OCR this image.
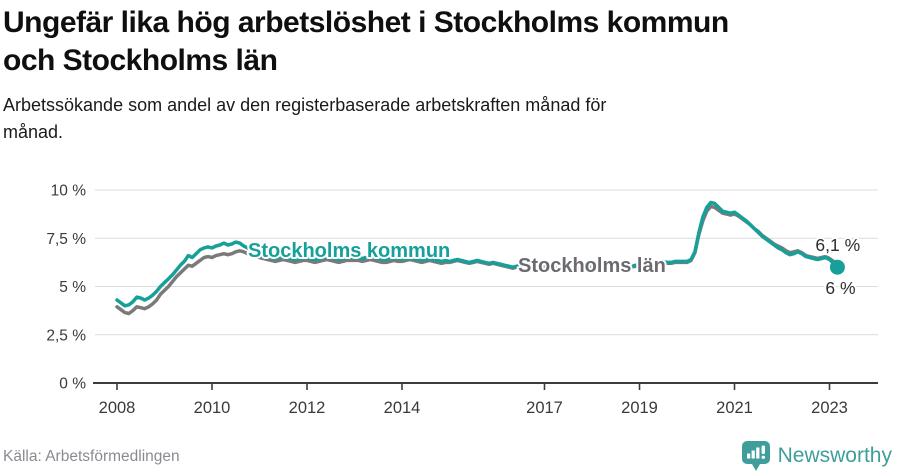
Ungefär lika hög arbetslöshet i Stockholms kommun
och Stockholms län

Arbetssökande som andel av den registerbaserade arbetskraften månad för
månad.

0 %
2,5 %
5 %
7,5 %
10 %
2008	2010	2012	2014	2017	2019	2021	2023
Stockholms län
Stockholms kommun	6,1 %
6 %
Källa: Arbetsförmedlingen	Newsworthy
